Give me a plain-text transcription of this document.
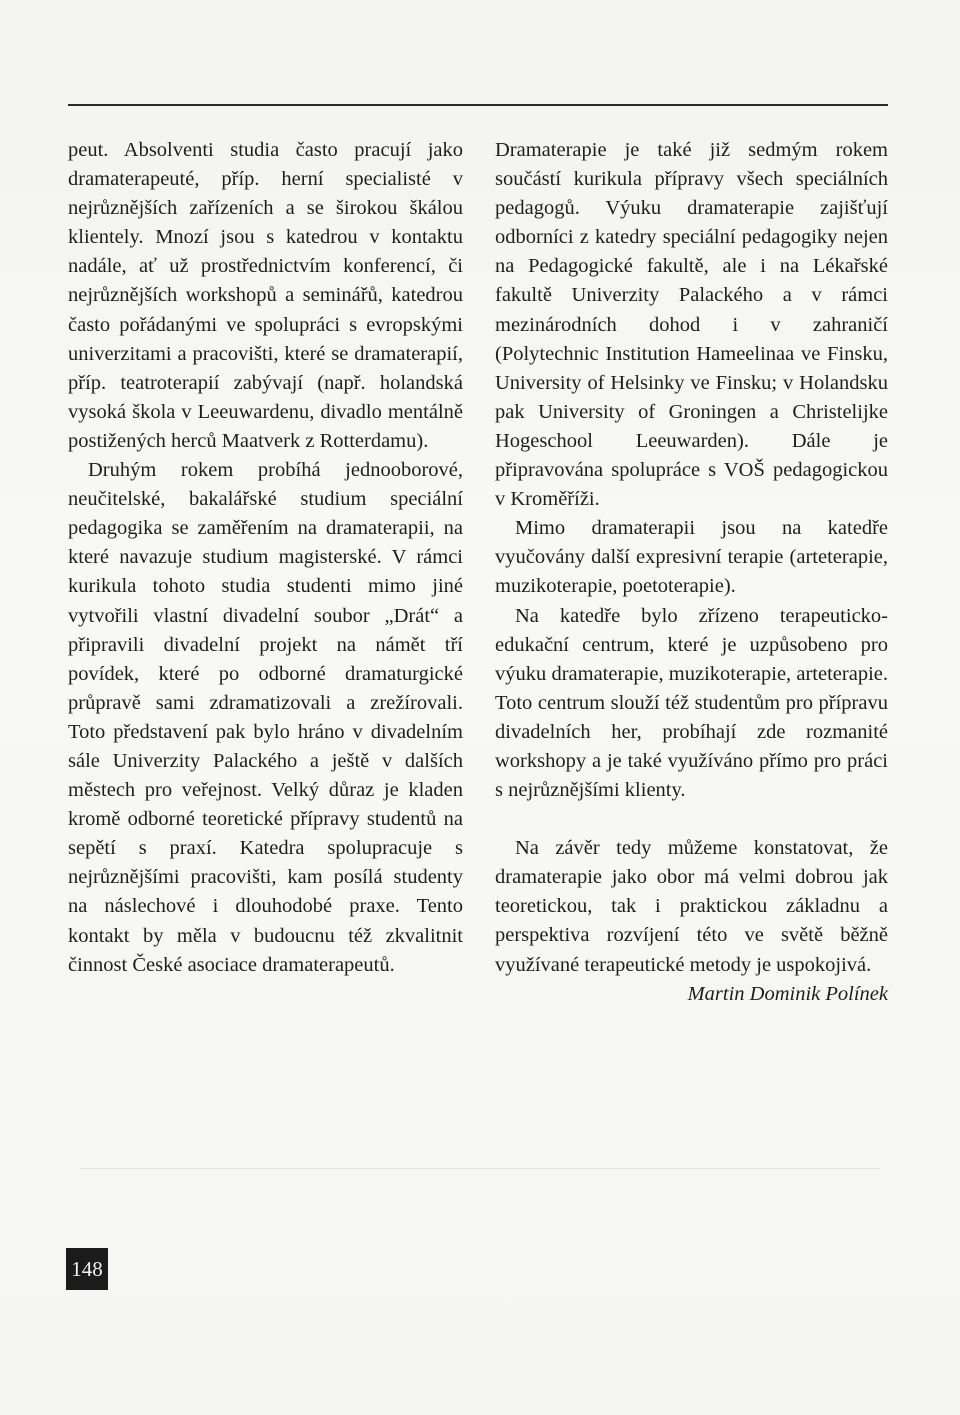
peut. Absolventi studia často pracují jako dramaterapeuté, příp. herní specialisté v nejrůznějších zařízeních a se širokou škálou klientely. Mnozí jsou s katedrou v kontaktu nadále, ať už prostřednictvím konferencí, či nejrůznějších workshopů a seminářů, katedrou často pořádanými ve spolupráci s evropskými univerzitami a pracovišti, které se dramaterapií, příp. teatroterapií zabývají (např. holandská vysoká škola v Leeuwardenu, divadlo mentálně postižených herců Maatverk z Rotterdamu).

Druhým rokem probíhá jednooborové, neučitelské, bakalářské studium speciální pedagogika se zaměřením na dramaterapii, na které navazuje studium magisterské. V rámci kurikula tohoto studia studenti mimo jiné vytvořili vlastní divadelní soubor „Drát“ a připravili divadelní projekt na námět tří povídek, které po odborné dramaturgické průpravě sami zdramatizovali a zrežírovali. Toto představení pak bylo hráno v divadelním sále Univerzity Palackého a ještě v dalších městech pro veřejnost. Velký důraz je kladen kromě odborné teoretické přípravy studentů na sepětí s praxí. Katedra spolupracuje s nejrůznějšími pracovišti, kam posílá studenty na náslechové i dlouhodobé praxe. Tento kontakt by měla v budoucnu též zkvalitnit činnost České asociace dramaterapeutů.

Dramaterapie je také již sedmým rokem součástí kurikula přípravy všech speciálních pedagogů. Výuku dramaterapie zajišťují odborníci z katedry speciální pedagogiky nejen na Pedagogické fakultě, ale i na Lékařské fakultě Univerzity Palackého a v rámci mezinárodních dohod i v zahraničí (Polytechnic Institution Hameelinaa ve Finsku, University of Helsinky ve Finsku; v Holandsku pak University of Groningen a Christelijke Hogeschool Leeuwarden). Dále je připravována spolupráce s VOŠ pedagogickou v Kroměříži.

Mimo dramaterapii jsou na katedře vyučovány další expresivní terapie (arteterapie, muzikoterapie, poetoterapie).

Na katedře bylo zřízeno terapeuticko-edukační centrum, které je uzpůsobeno pro výuku dramaterapie, muzikoterapie, arteterapie. Toto centrum slouží též studentům pro přípravu divadelních her, probíhají zde rozmanité workshopy a je také využíváno přímo pro práci s nejrůznějšími klienty.

Na závěr tedy můžeme konstatovat, že dramaterapie jako obor má velmi dobrou jak teoretickou, tak i praktickou základnu a perspektiva rozvíjení této ve světě běžně využívané terapeutické metody je uspokojivá.

Martin Dominik Polínek

148
